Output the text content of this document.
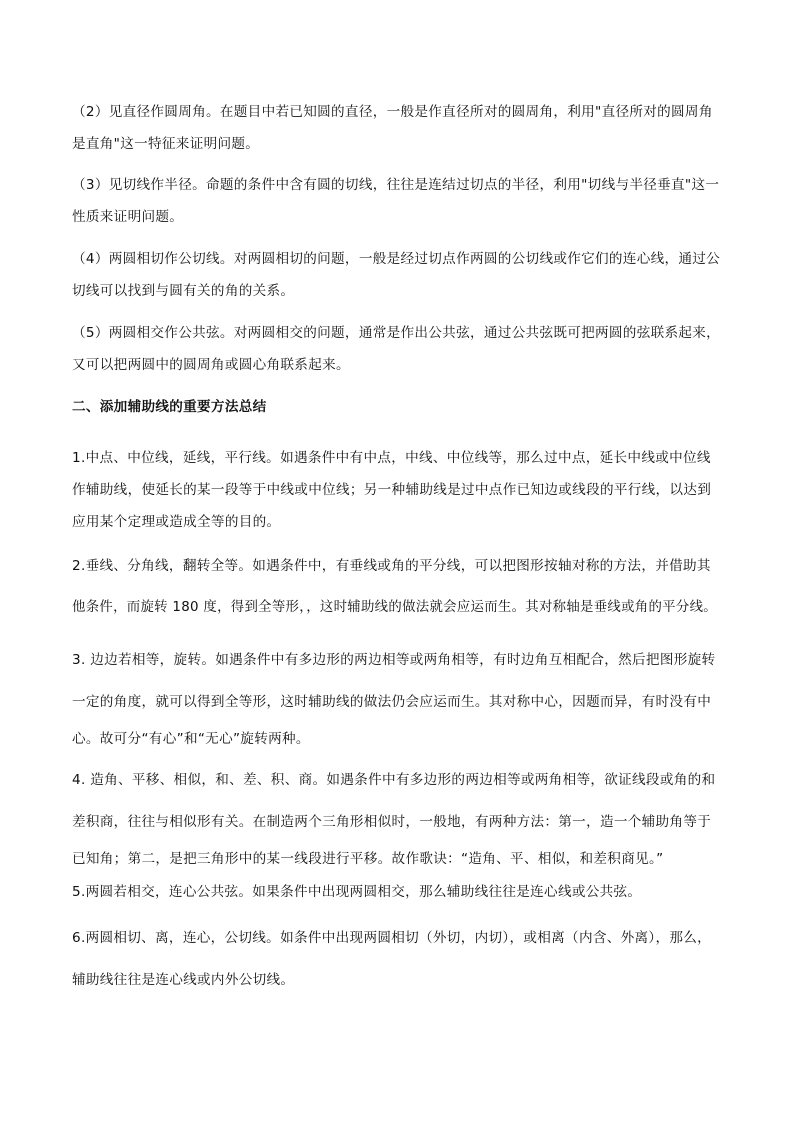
（2）见直径作圆周角。在题目中若已知圆的直径，一般是作直径所对的圆周角，利用"直径所对的圆周角
是直角"这一特征来证明问题。
（3）见切线作半径。命题的条件中含有圆的切线，往往是连结过切点的半径，利用"切线与半径垂直"这一
性质来证明问题。
（4）两圆相切作公切线。对两圆相切的问题，一般是经过切点作两圆的公切线或作它们的连心线，通过公
切线可以找到与圆有关的角的关系。
（5）两圆相交作公共弦。对两圆相交的问题，通常是作出公共弦，通过公共弦既可把两圆的弦联系起来，
又可以把两圆中的圆周角或圆心角联系起来。
二、添加辅助线的重要方法总结
1.中点、中位线，延线，平行线。如遇条件中有中点，中线、中位线等，那么过中点，延长中线或中位线
作辅助线，使延长的某一段等于中线或中位线；另一种辅助线是过中点作已知边或线段的平行线，以达到
应用某个定理或造成全等的目的。
2.垂线、分角线，翻转全等。如遇条件中，有垂线或角的平分线，可以把图形按轴对称的方法，并借助其
他条件，而旋转 180 度，得到全等形，，这时辅助线的做法就会应运而生。其对称轴是垂线或角的平分线。
3. 边边若相等，旋转。如遇条件中有多边形的两边相等或两角相等，有时边角互相配合，然后把图形旋转
一定的角度，就可以得到全等形，这时辅助线的做法仍会应运而生。其对称中心，因题而异，有时没有中
心。故可分“有心”和“无心”旋转两种。
4. 造角、平移、相似，和、差、积、商。如遇条件中有多边形的两边相等或两角相等，欲证线段或角的和
差积商，往往与相似形有关。在制造两个三角形相似时，一般地，有两种方法：第一，造一个辅助角等于
已知角；第二，是把三角形中的某一线段进行平移。故作歌诀：“造角、平、相似，和差积商见。”
5.两圆若相交，连心公共弦。如果条件中出现两圆相交，那么辅助线往往是连心线或公共弦。
6.两圆相切、离，连心，公切线。如条件中出现两圆相切（外切，内切），或相离（内含、外离），那么，
辅助线往往是连心线或内外公切线。
